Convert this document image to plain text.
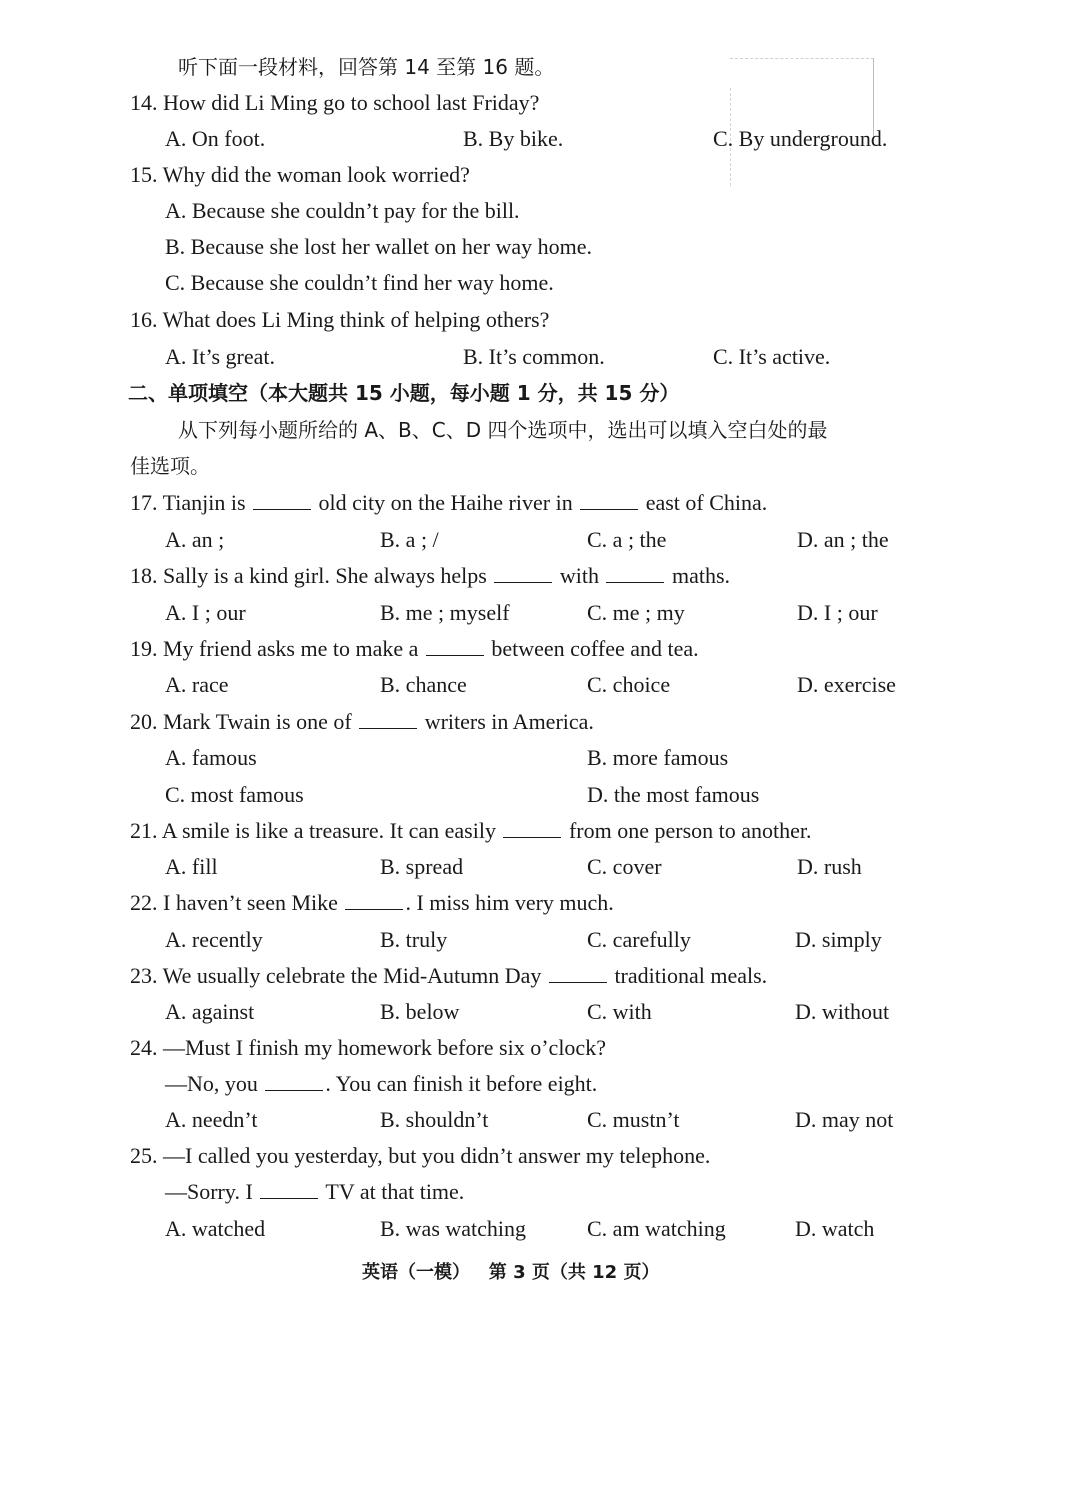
听下面一段材料，回答第 14 至第 16 题。
14. How did Li Ming go to school last Friday?
A. On foot.	B. By bike.	C. By underground.
15. Why did the woman look worried?
A. Because she couldn’t pay for the bill.
B. Because she lost her wallet on her way home.
C. Because she couldn’t find her way home.
16. What does Li Ming think of helping others?
A. It’s great.	B. It’s common.	C. It’s active.
二、单项填空（本大题共 15 小题，每小题 1 分，共 15 分）
从下列每小题所给的 A、B、C、D 四个选项中，选出可以填入空白处的最
佳选项。
17. Tianjin is	old city on the Haihe river in	east of China.
A. an ;	B. a ; /	C. a ; the	D. an ; the
18. Sally is a kind girl. She always helps	with	maths.
A. I ; our	B. me ; myself	C. me ; my	D. I ; our
19. My friend asks me to make a	between coffee and tea.
A. race	B. chance	C. choice	D. exercise
20. Mark Twain is one of	writers in America.
A. famous	B. more famous
C. most famous	D. the most famous
21. A smile is like a treasure. It can easily	from one person to another.
A. fill	B. spread	C. cover	D. rush
22. I haven’t seen Mike	. I miss him very much.
A. recently	B. truly	C. carefully	D. simply
23. We usually celebrate the Mid-Autumn Day	traditional meals.
A. against	B. below	C. with	D. without
24. —Must I finish my homework before six o’clock?
—No, you	. You can finish it before eight.
A. needn’t	B. shouldn’t	C. mustn’t	D. may not
25. —I called you yesterday, but you didn’t answer my telephone.
—Sorry. I	TV at that time.
A. watched	B. was watching	C. am watching	D. watch
英语（一模）   第 3 页（共 12 页）
